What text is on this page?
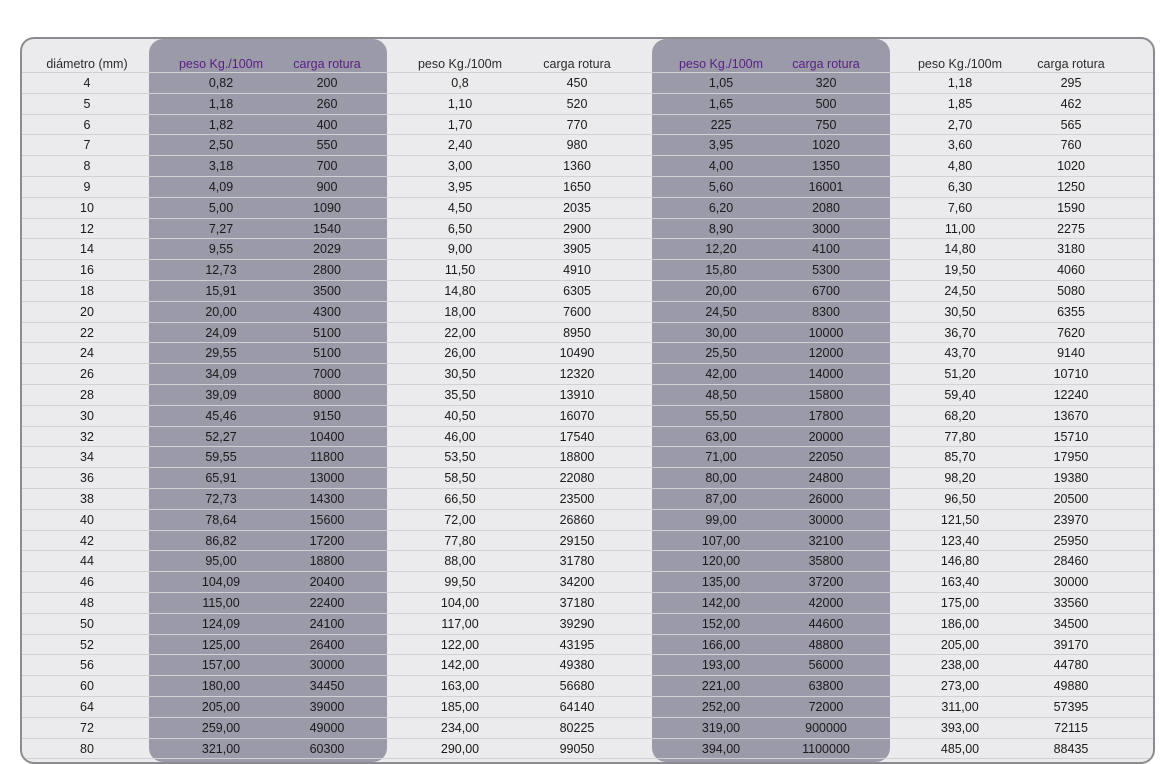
diámetro (mm)	peso Kg./100m	carga rotura	peso Kg./100m	carga rotura	peso Kg./100m	carga rotura	peso Kg./100m	carga rotura
4	0,82	200	0,8	450	1,05	320	1,18	295
5	1,18	260	1,10	520	1,65	500	1,85	462
6	1,82	400	1,70	770	225	750	2,70	565
7	2,50	550	2,40	980	3,95	1020	3,60	760
8	3,18	700	3,00	1360	4,00	1350	4,80	1020
9	4,09	900	3,95	1650	5,60	16001	6,30	1250
10	5,00	1090	4,50	2035	6,20	2080	7,60	1590
12	7,27	1540	6,50	2900	8,90	3000	11,00	2275
14	9,55	2029	9,00	3905	12,20	4100	14,80	3180
16	12,73	2800	11,50	4910	15,80	5300	19,50	4060
18	15,91	3500	14,80	6305	20,00	6700	24,50	5080
20	20,00	4300	18,00	7600	24,50	8300	30,50	6355
22	24,09	5100	22,00	8950	30,00	10000	36,70	7620
24	29,55	5100	26,00	10490	25,50	12000	43,70	9140
26	34,09	7000	30,50	12320	42,00	14000	51,20	10710
28	39,09	8000	35,50	13910	48,50	15800	59,40	12240
30	45,46	9150	40,50	16070	55,50	17800	68,20	13670
32	52,27	10400	46,00	17540	63,00	20000	77,80	15710
34	59,55	11800	53,50	18800	71,00	22050	85,70	17950
36	65,91	13000	58,50	22080	80,00	24800	98,20	19380
38	72,73	14300	66,50	23500	87,00	26000	96,50	20500
40	78,64	15600	72,00	26860	99,00	30000	121,50	23970
42	86,82	17200	77,80	29150	107,00	32100	123,40	25950
44	95,00	18800	88,00	31780	120,00	35800	146,80	28460
46	104,09	20400	99,50	34200	135,00	37200	163,40	30000
48	115,00	22400	104,00	37180	142,00	42000	175,00	33560
50	124,09	24100	117,00	39290	152,00	44600	186,00	34500
52	125,00	26400	122,00	43195	166,00	48800	205,00	39170
56	157,00	30000	142,00	49380	193,00	56000	238,00	44780
60	180,00	34450	163,00	56680	221,00	63800	273,00	49880
64	205,00	39000	185,00	64140	252,00	72000	311,00	57395
72	259,00	49000	234,00	80225	319,00	900000	393,00	72115
80	321,00	60300	290,00	99050	394,00	1100000	485,00	88435
